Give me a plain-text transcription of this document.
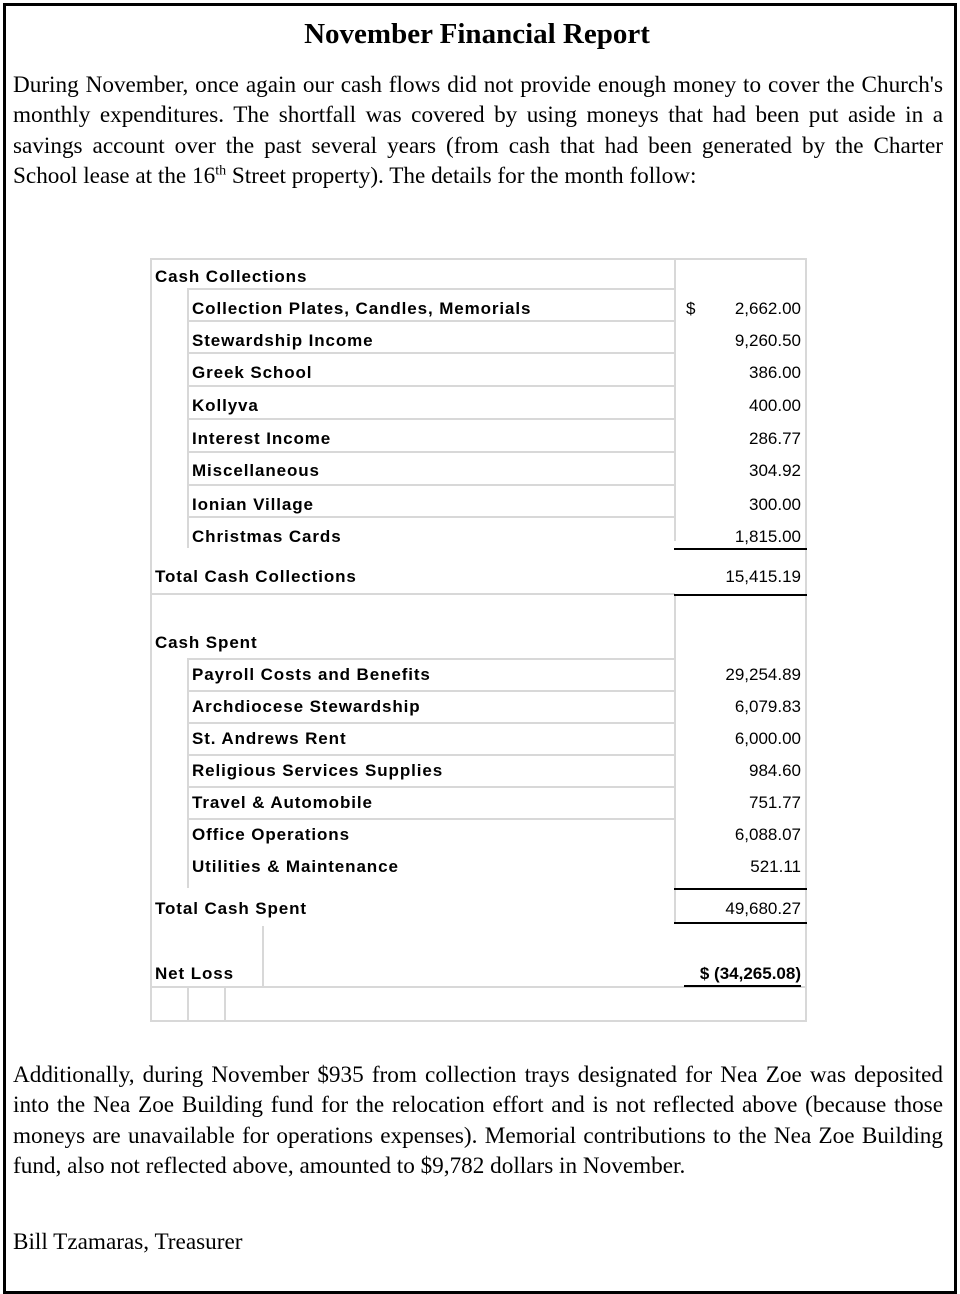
November Financial Report

During November, once again our cash flows did not provide enough money to cover the Church's monthly expenditures. The shortfall was covered by using moneys that had been put aside in a savings account over the past several years (from cash that had been generated by the Charter School lease at the 16th Street property). The details for the month follow:

Cash Collections
Collection Plates, Candles, Memorials	$ 2,662.00
Stewardship Income	9,260.50
Greek School	386.00
Kollyva	400.00
Interest Income	286.77
Miscellaneous	304.92
Ionian Village	300.00
Christmas Cards	1,815.00
Total Cash Collections	15,415.19
Cash Spent
Payroll Costs and Benefits	29,254.89
Archdiocese Stewardship	6,079.83
St. Andrews Rent	6,000.00
Religious Services Supplies	984.60
Travel & Automobile	751.77
Office Operations	6,088.07
Utilities & Maintenance	521.11
Total Cash Spent	49,680.27
Net Loss	$ (34,265.08)

Additionally, during November $935 from collection trays designated for Nea Zoe was deposited into the Nea Zoe Building fund for the relocation effort and is not reflected above (because those moneys are unavailable for operations expenses). Memorial contributions to the Nea Zoe Building fund, also not reflected above, amounted to $9,782 dollars in November.

Bill Tzamaras, Treasurer
